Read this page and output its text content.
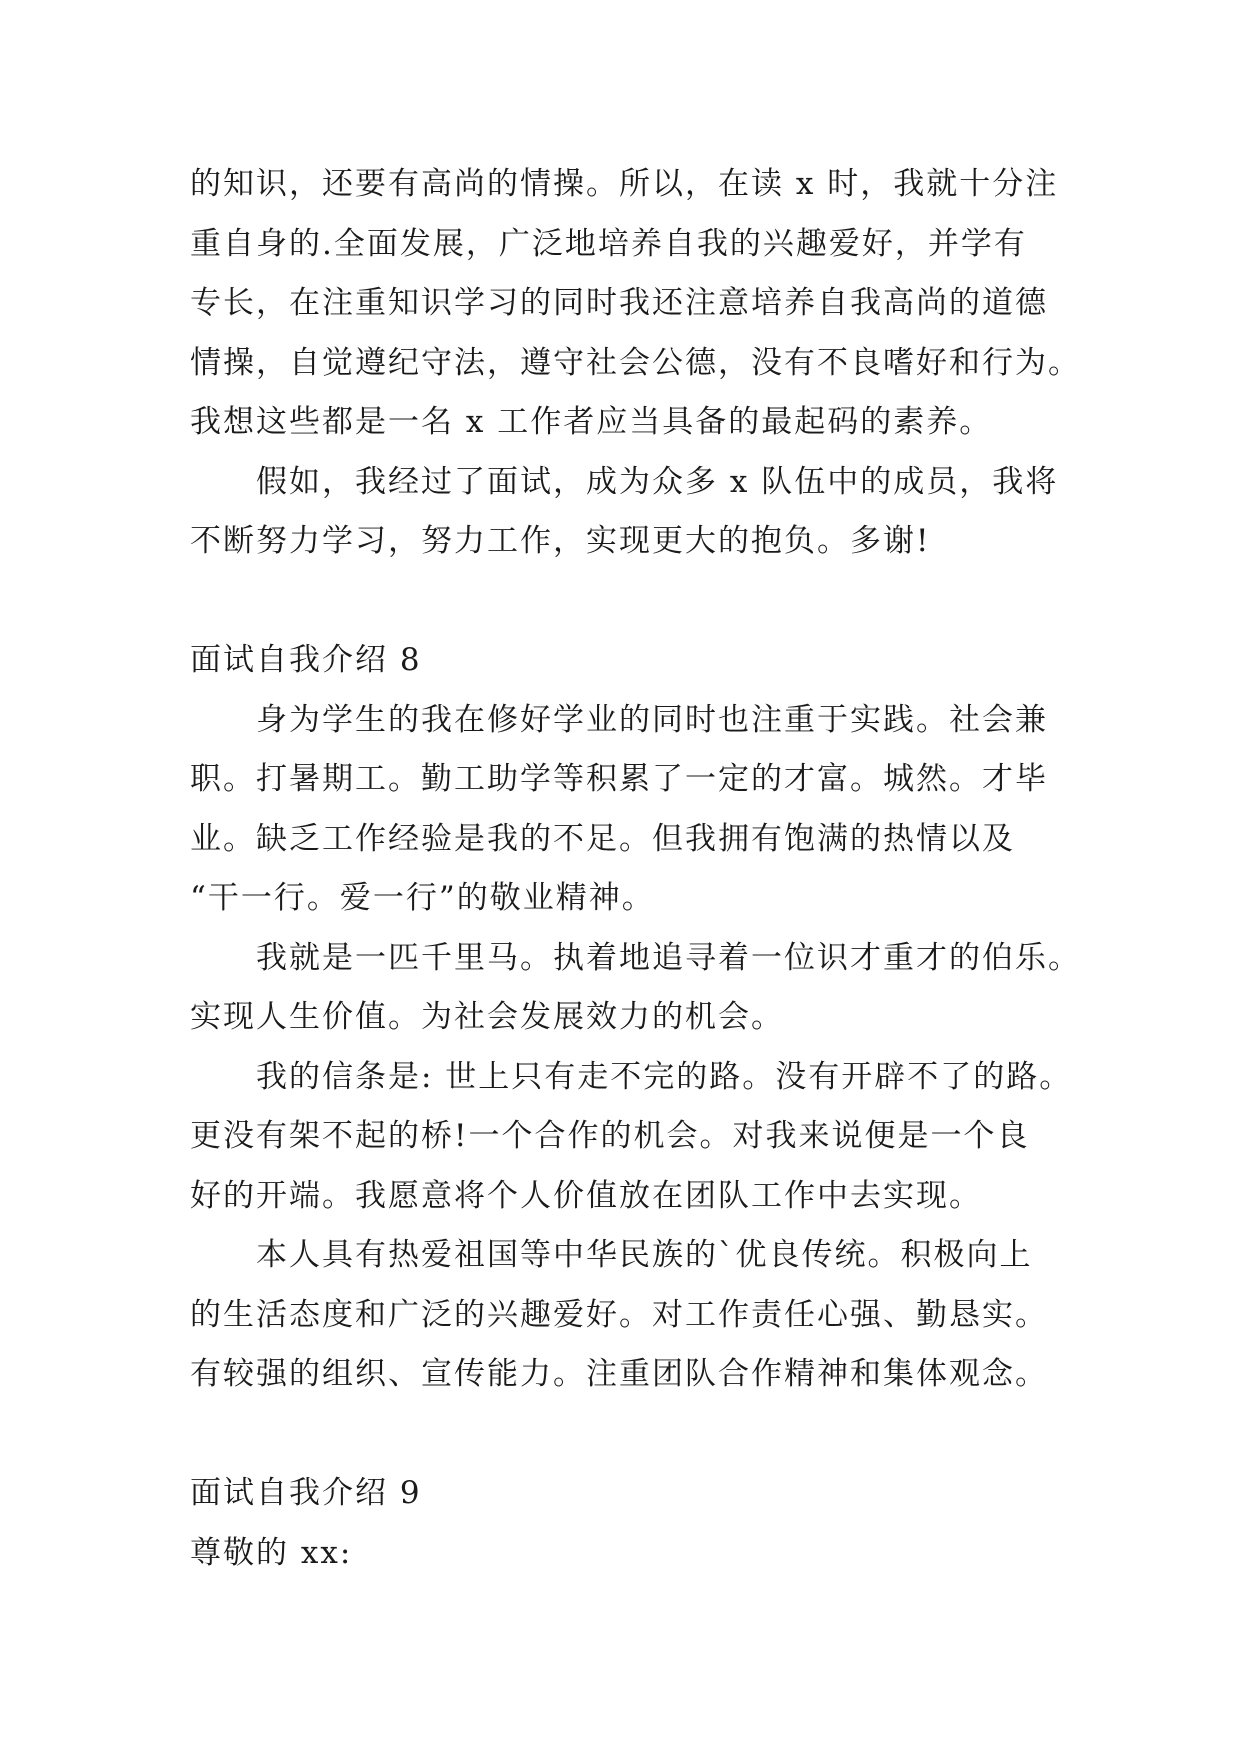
的知识，还要有高尚的情操。所以，在读 x 时，我就十分注
重自身的.全面发展，广泛地培养自我的兴趣爱好，并学有
专长，在注重知识学习的同时我还注意培养自我高尚的道德
情操，自觉遵纪守法，遵守社会公德，没有不良嗜好和行为。
我想这些都是一名 x 工作者应当具备的最起码的素养。
假如，我经过了面试，成为众多 x 队伍中的成员，我将
不断努力学习，努力工作，实现更大的抱负。多谢!
面试自我介绍 8
身为学生的我在修好学业的同时也注重于实践。社会兼
职。打暑期工。勤工助学等积累了一定的才富。城然。才毕
业。缺乏工作经验是我的不足。但我拥有饱满的热情以及
“干一行。爱一行”的敬业精神。
我就是一匹千里马。执着地追寻着一位识才重才的伯乐。
实现人生价值。为社会发展效力的机会。
我的信条是: 世上只有走不完的路。没有开辟不了的路。
更没有架不起的桥!一个合作的机会。对我来说便是一个良
好的开端。我愿意将个人价值放在团队工作中去实现。
本人具有热爱祖国等中华民族的`优良传统。积极向上
的生活态度和广泛的兴趣爱好。对工作责任心强、勤恳实。
有较强的组织、宣传能力。注重团队合作精神和集体观念。
面试自我介绍 9
尊敬的 xx:
